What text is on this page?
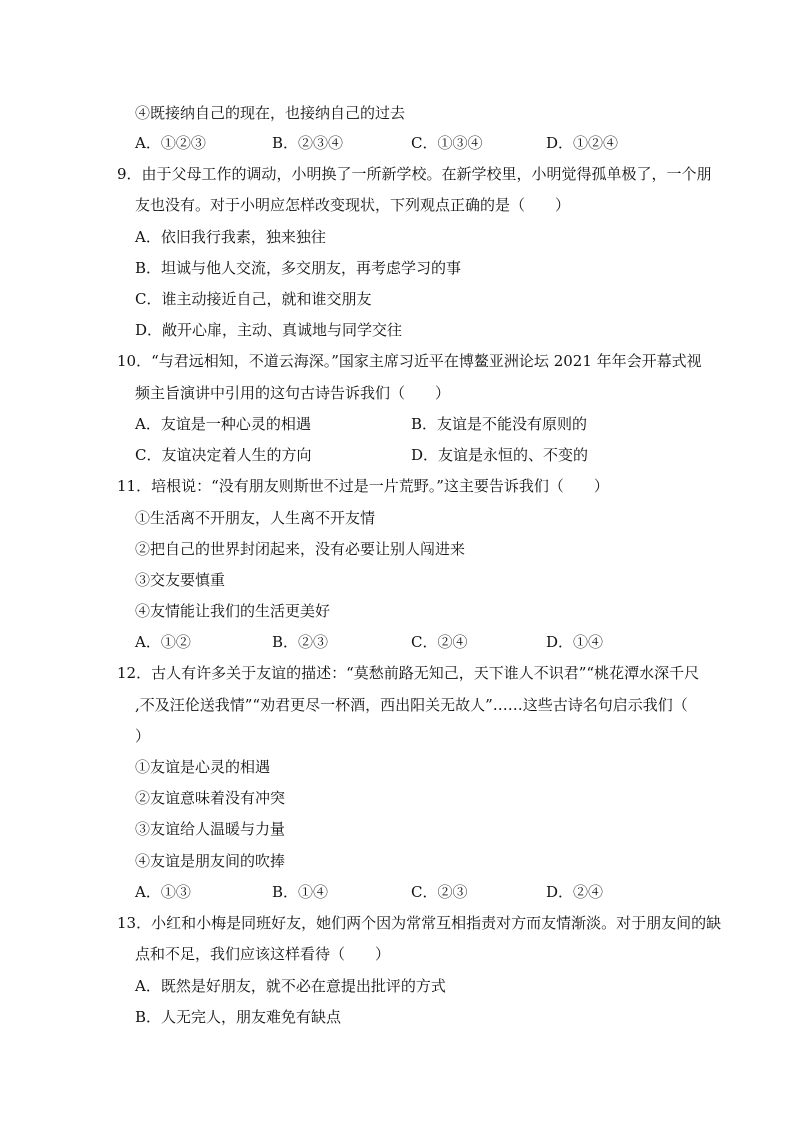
④既接纳自己的现在，也接纳自己的过去
A．①②③	B．②③④	C．①③④	D．①②④
9．由于父母工作的调动，小明换了一所新学校。在新学校里，小明觉得孤单极了，一个朋
友也没有。对于小明应怎样改变现状，下列观点正确的是（　　）
A．依旧我行我素，独来独往
B．坦诚与他人交流，多交朋友，再考虑学习的事
C．谁主动接近自己，就和谁交朋友
D．敞开心扉，主动、真诚地与同学交往
10．“与君远相知，不道云海深。”国家主席习近平在博鳌亚洲论坛 2021 年年会开幕式视
频主旨演讲中引用的这句古诗告诉我们（　　）
A．友谊是一种心灵的相遇	B．友谊是不能没有原则的
C．友谊决定着人生的方向	D．友谊是永恒的、不变的
11．培根说：“没有朋友则斯世不过是一片荒野。”这主要告诉我们（　　）
①生活离不开朋友，人生离不开友情
②把自己的世界封闭起来，没有必要让别人闯进来
③交友要慎重
④友情能让我们的生活更美好
A．①②	B．②③	C．②④	D．①④
12．古人有许多关于友谊的描述：“莫愁前路无知己，天下谁人不识君”“桃花潭水深千尺
,不及汪伦送我情”“劝君更尽一杯酒，西出阳关无故人”……这些古诗名句启示我们（
）
①友谊是心灵的相遇
②友谊意味着没有冲突
③友谊给人温暖与力量
④友谊是朋友间的吹捧
A．①③	B．①④	C．②③	D．②④
13．小红和小梅是同班好友，她们两个因为常常互相指责对方而友情渐淡。对于朋友间的缺
点和不足，我们应该这样看待（　　）
A．既然是好朋友，就不必在意提出批评的方式
B．人无完人，朋友难免有缺点
